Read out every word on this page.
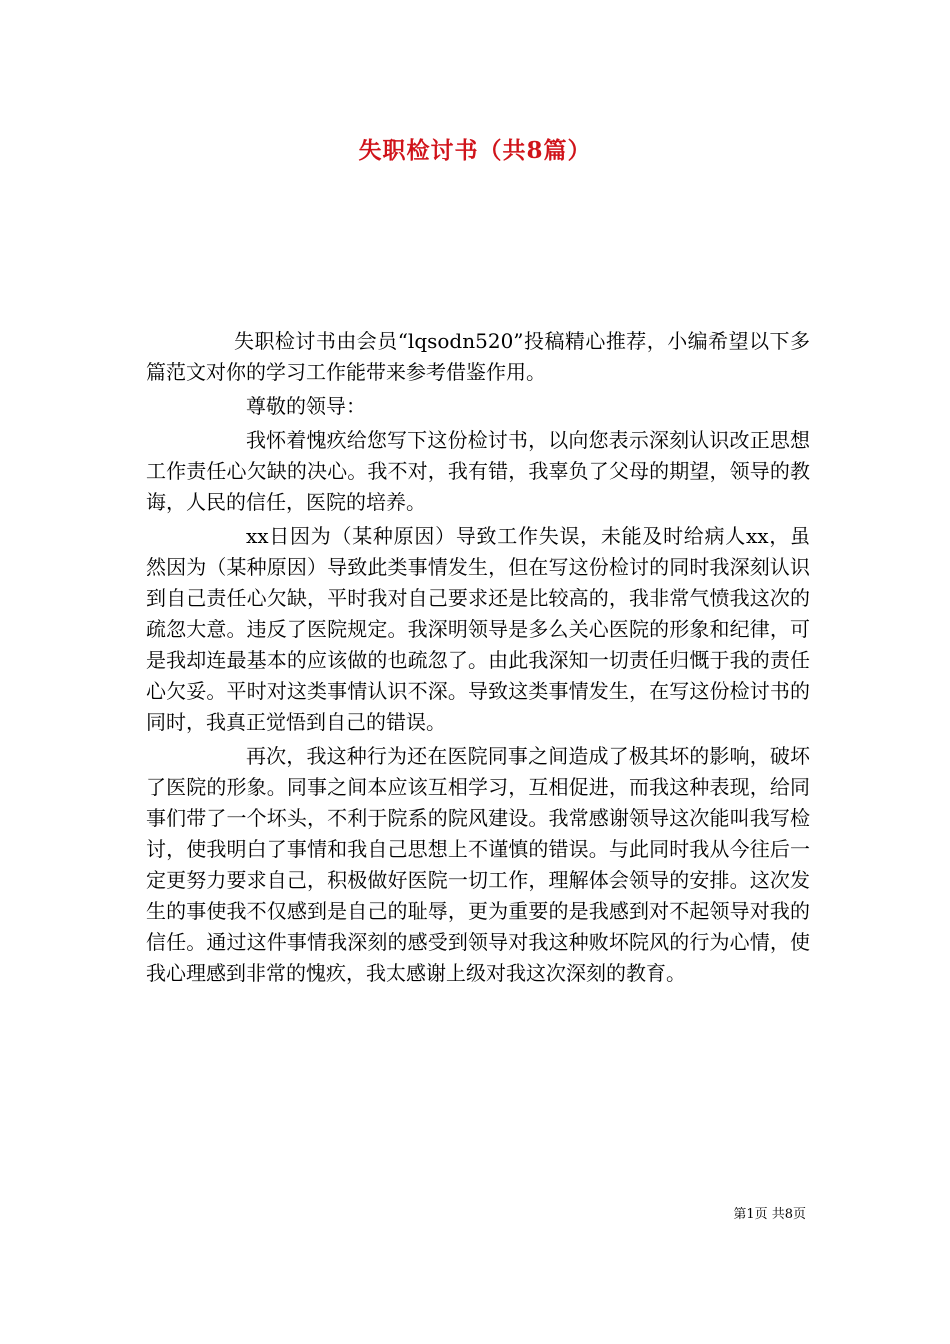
失职检讨书（共8篇）

失职检讨书由会员“lqsodn520”投稿精心推荐，小编希望以下多篇范文对你的学习工作能带来参考借鉴作用。

尊敬的领导：

我怀着愧疚给您写下这份检讨书，以向您表示深刻认识改正思想工作责任心欠缺的决心。我不对，我有错，我辜负了父母的期望，领导的教诲，人民的信任，医院的培养。

xx日因为（某种原因）导致工作失误，未能及时给病人xx，虽然因为（某种原因）导致此类事情发生，但在写这份检讨的同时我深刻认识到自己责任心欠缺，平时我对自己要求还是比较高的，我非常气愤我这次的疏忽大意。违反了医院规定。我深明领导是多么关心医院的形象和纪律，可是我却连最基本的应该做的也疏忽了。由此我深知一切责任归慨于我的责任心欠妥。平时对这类事情认识不深。导致这类事情发生，在写这份检讨书的同时，我真正觉悟到自己的错误。

再次，我这种行为还在医院同事之间造成了极其坏的影响，破坏了医院的形象。同事之间本应该互相学习，互相促进，而我这种表现，给同事们带了一个坏头，不利于院系的院风建设。我常感谢领导这次能叫我写检讨，使我明白了事情和我自己思想上不谨慎的错误。与此同时我从今往后一定更努力要求自己，积极做好医院一切工作，理解体会领导的安排。这次发生的事使我不仅感到是自己的耻辱，更为重要的是我感到对不起领导对我的信任。通过这件事情我深刻的感受到领导对我这种败坏院风的行为心情，使我心理感到非常的愧疚，我太感谢上级对我这次深刻的教育。

第1页 共8页
